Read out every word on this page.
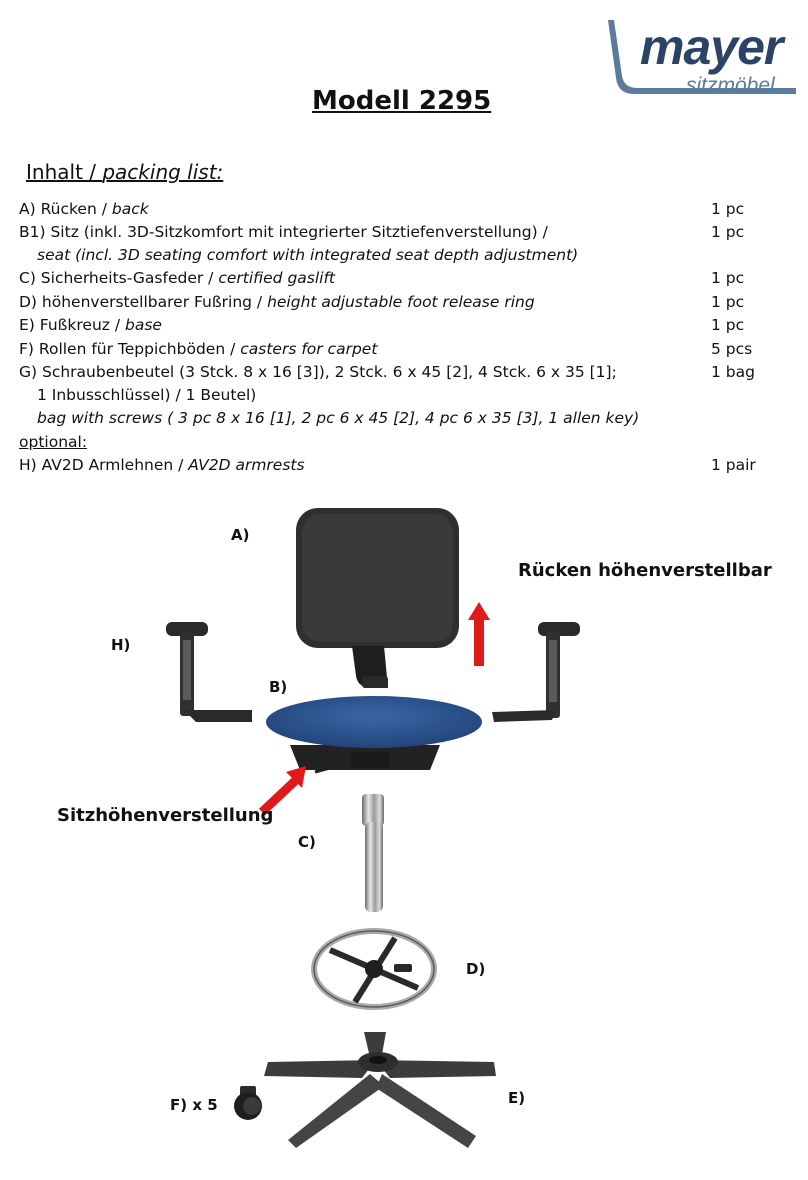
mayer
sitzmöbel
Modell 2295
Inhalt / packing list:
A) Rücken / back	1 pc
B1) Sitz (inkl. 3D-Sitzkomfort mit integrierter Sitztiefenverstellung) /	1 pc
seat (incl. 3D seating comfort with integrated seat depth adjustment)
C) Sicherheits-Gasfeder / certified gaslift	1 pc
D) höhenverstellbarer Fußring / height adjustable foot release ring	1 pc
E) Fußkreuz / base	1 pc
F) Rollen für Teppichböden / casters for carpet	5 pcs
G) Schraubenbeutel (3 Stck. 8 x 16 [3]), 2 Stck. 6 x 45 [2], 4 Stck. 6 x 35 [1];	1 bag
1 Inbusschlüssel) / 1 Beutel)
bag with screws ( 3 pc 8 x 16 [1], 2 pc 6 x 45 [2], 4 pc 6 x 35 [3], 1 allen key)
optional:
H) AV2D Armlehnen / AV2D armrests	1 pair
A)
H)
B)
C)
D)
E)
F) x 5
Rücken höhenverstellbar
Sitzhöhenverstellung
